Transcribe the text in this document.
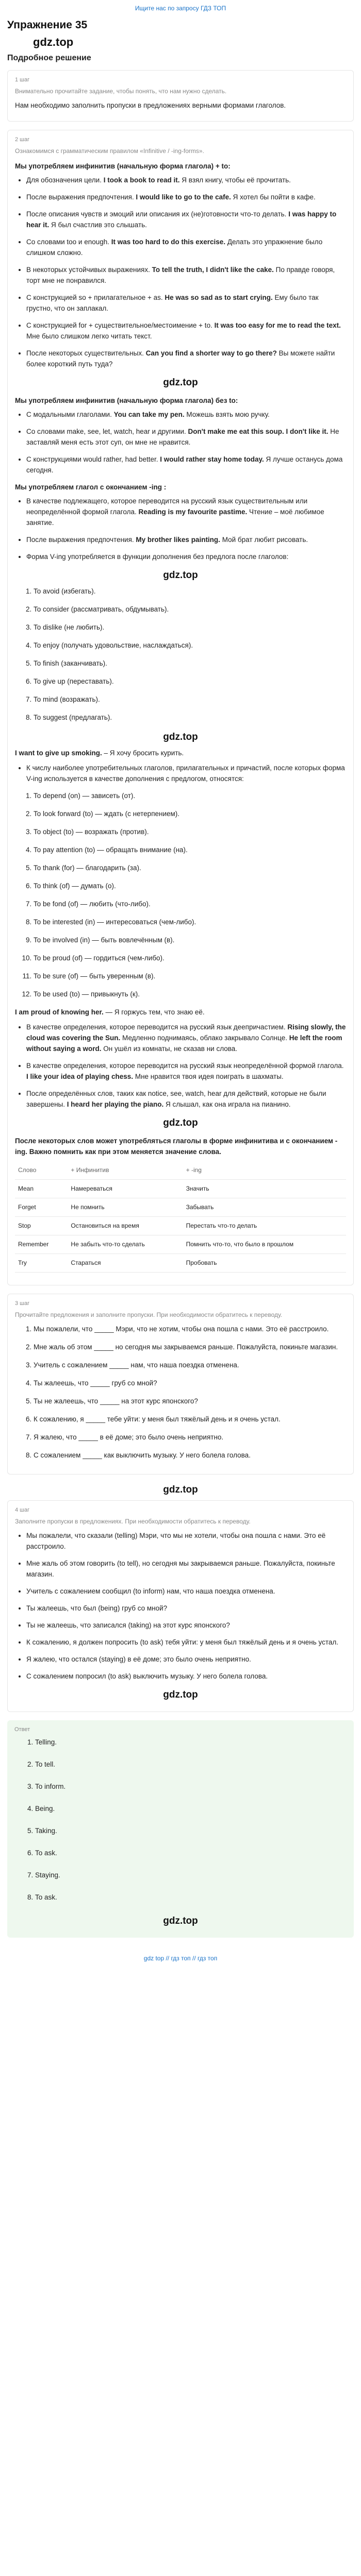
Ищите нас по запросу ГДЗ ТОП
Упражнение 35
gdz.top
Подробное решение
1 шаг
Внимательно прочитайте задание, чтобы понять, что нам нужно сделать.

Нам необходимо заполнить пропуски в предложениях верными формами глаголов.

2 шаг
Ознакомимся с грамматическим правилом «Infinitive / -ing-forms».
Мы употребляем инфинитив (начальную форма глагола) + to:
• Для обозначения цели. I took a book to read it. Я взял книгу, чтобы её прочитать.
• После выражения предпочтения. I would like to go to the cafe. Я хотел бы пойти в кафе.
• После описания чувств и эмоций или описания их (не)готовности что-то делать. I was happy to hear it. Я был счастлив это слышать.
• Со словами too и enough. It was too hard to do this exercise. Делать это упражнение было слишком сложно.
• В некоторых устойчивых выражениях. To tell the truth, I didn't like the cake. По правде говоря, торт мне не понравился.
• С конструкцией so + прилагательное + as. He was so sad as to start crying. Ему было так грустно, что он заплакал.
• С конструкцией for + существительное/местоимение + to. It was too easy for me to read the text. Мне было слишком легко читать текст.
• После некоторых существительных. Can you find a shorter way to go there? Вы можете найти более короткий путь туда?
gdz.top
Мы употребляем инфинитив (начальную форма глагола) без to:
• С модальными глаголами. You can take my pen. Можешь взять мою ручку.
• Со словами make, see, let, watch, hear и другими. Don't make me eat this soup. I don't like it. Не заставляй меня есть этот суп, он мне не нравится.
• С конструкциями would rather, had better. I would rather stay home today. Я лучше останусь дома сегодня.
Мы употребляем глагол с окончанием -ing :
• В качестве подлежащего, которое переводится на русский язык существительным или неопределённой формой глагола. Reading is my favourite pastime. Чтение – моё любимое занятие.
• После выражения предпочтения. My brother likes painting. Мой брат любит рисовать.
• Форма V-ing употребляется в функции дополнения без предлога после глаголов:
gdz.top
1. To avoid (избегать).
2. To consider (рассматривать, обдумывать).
3. To dislike (не любить).
4. To enjoy (получать удовольствие, наслаждаться).
5. To finish (заканчивать).
6. To give up (переставать).
7. To mind (возражать).
8. To suggest (предлагать).
gdz.top

I want to give up smoking. – Я хочу бросить курить.

• К числу наиболее употребительных глаголов, прилагательных и причастий, после которых форма V-ing используется в качестве дополнения с предлогом, относятся:
1. To depend (on) — зависеть (от).
2. To look forward (to) — ждать (с нетерпением).
3. To object (to) — возражать (против).
4. To pay attention (to) — обращать внимание (на).
5. To thank (for) — благодарить (за).
6. To think (of) — думать (о).
7. To be fond (of) — любить (что-либо).
8. To be interested (in) — интересоваться (чем-либо).
9. To be involved (in) — быть вовлечённым (в).
10. To be proud (of) — гордиться (чем-либо).
11. To be sure (of) — быть уверенным (в).
12. To be used (to) — привыкнуть (к).

I am proud of knowing her. — Я горжусь тем, что знаю её.

• В качестве определения, которое переводится на русский язык деепричастием. Rising slowly, the cloud was covering the Sun. Медленно поднимаясь, облако закрывало Солнце. He left the room without saying a word. Он ушёл из комнаты, не сказав ни слова.
• В качестве определения, которое переводится на русский язык неопределённой формой глагола. I like your idea of playing chess. Мне нравится твоя идея поиграть в шахматы.
• После определённых слов, таких как notice, see, watch, hear для действий, которые не были завершены. I heard her playing the piano. Я слышал, как она играла на пианино.
gdz.top
После некоторых слов может употребляться глаголы в форме инфинитива и с окончанием -ing. Важно помнить как при этом меняется значение слова.
Слово	+ Инфинитив	+ -ing
Mean	Намереваться	Значить
Forget	Не помнить	Забывать
Stop	Остановиться на время	Перестать что-то делать
Remember	Не забыть что-то сделать	Помнить что-то, что было в прошлом
Try	Стараться	Пробовать
3 шаг
Прочитайте предложения и заполните пропуски. При необходимости обратитесь к переводу.
1. Мы пожалели, что _____ Мэри, что не хотим, чтобы она пошла с нами. Это её расстроило.
2. Мне жаль об этом _____ но сегодня мы закрываемся раньше. Пожалуйста, покиньте магазин.
3. Учитель с сожалением _____ нам, что наша поездка отменена.
4. Ты жалеешь, что _____ груб со мной?
5. Ты не жалеешь, что _____ на этот курс японского?
6. К сожалению, я _____ тебе уйти: у меня был тяжёлый день и я очень устал.
7. Я жалею, что _____ в её доме; это было очень неприятно.
8. С сожалением _____ как выключить музыку. У него болела голова.
gdz.top
4 шаг
Заполните пропуски в предложениях. При необходимости обратитесь к переводу.
• Мы пожалели, что сказали (telling) Мэри, что мы не хотели, чтобы она пошла с нами. Это её расстроило.
• Мне жаль об этом говорить (to tell), но сегодня мы закрываемся раньше. Пожалуйста, покиньте магазин.
• Учитель с сожалением сообщил (to inform) нам, что наша поездка отменена.
• Ты жалеешь, что был (being) груб со мной?
• Ты не жалеешь, что записался (taking) на этот курс японского?
• К сожалению, я должен попросить (to ask) тебя уйти: у меня был тяжёлый день и я очень устал.
• Я жалею, что остался (staying) в её доме; это было очень неприятно.
• С сожалением попросил (to ask) выключить музыку. У него болела голова.
gdz.top
Ответ
1. Telling.
2. To tell.
3. To inform.
4. Being.
5. Taking.
6. To ask.
7. Staying.
8. To ask.
gdz.top
gdz top // гдз топ // гдз топ
